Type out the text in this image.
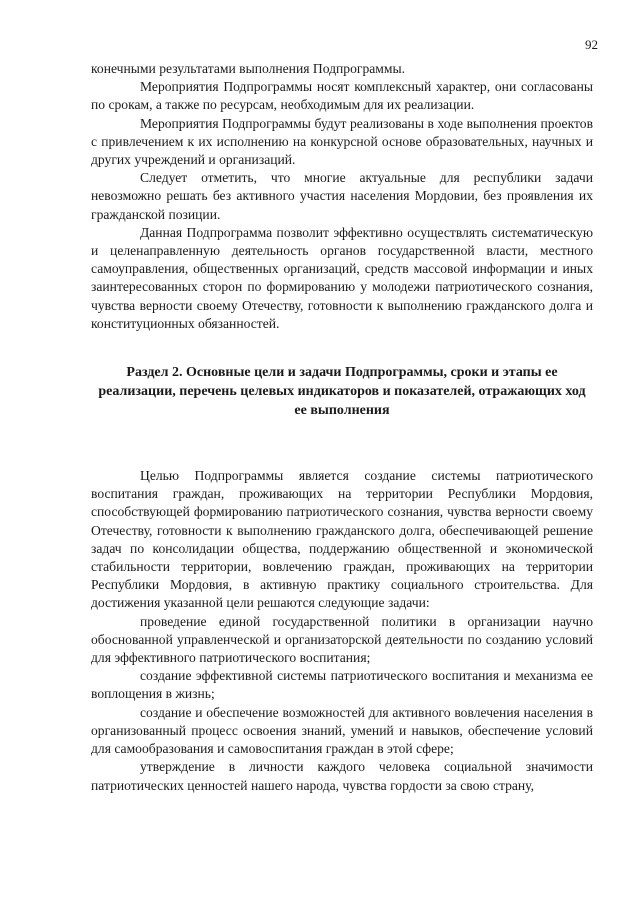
92

конечными результатами выполнения Подпрограммы.

Мероприятия Подпрограммы носят комплексный характер, они согласованы по срокам, а также по ресурсам, необходимым для их реализации.

Мероприятия Подпрограммы будут реализованы в ходе выполнения проектов с привлечением к их исполнению на конкурсной основе образовательных, научных и других учреждений и организаций.

Следует отметить, что многие актуальные для республики задачи невозможно решать без активного участия населения Мордовии, без проявления их гражданской позиции.

Данная Подпрограмма позволит эффективно осуществлять систематическую и целенаправленную деятельность органов государственной власти, местного самоуправления, общественных организаций, средств массовой информации и иных заинтересованных сторон по формированию у молодежи патриотического сознания, чувства верности своему Отечеству, готовности к выполнению гражданского долга и конституционных обязанностей.

Раздел 2. Основные цели и задачи Подпрограммы, сроки и этапы ее реализации, перечень целевых индикаторов и показателей, отражающих ход ее выполнения

Целью Подпрограммы является создание системы патриотического воспитания граждан, проживающих на территории Республики Мордовия, способствующей формированию патриотического сознания, чувства верности своему Отечеству, готовности к выполнению гражданского долга, обеспечивающей решение задач по консолидации общества, поддержанию общественной и экономической стабильности территории, вовлечению граждан, проживающих на территории Республики Мордовия, в активную практику социального строительства. Для достижения указанной цели решаются следующие задачи:

проведение единой государственной политики в организации научно обоснованной управленческой и организаторской деятельности по созданию условий для эффективного патриотического воспитания;

создание эффективной системы патриотического воспитания и механизма ее воплощения в жизнь;

создание и обеспечение возможностей для активного вовлечения населения в организованный процесс освоения знаний, умений и навыков, обеспечение условий для самообразования и самовоспитания граждан в этой сфере;

утверждение в личности каждого человека социальной значимости патриотических ценностей нашего народа, чувства гордости за свою страну,
